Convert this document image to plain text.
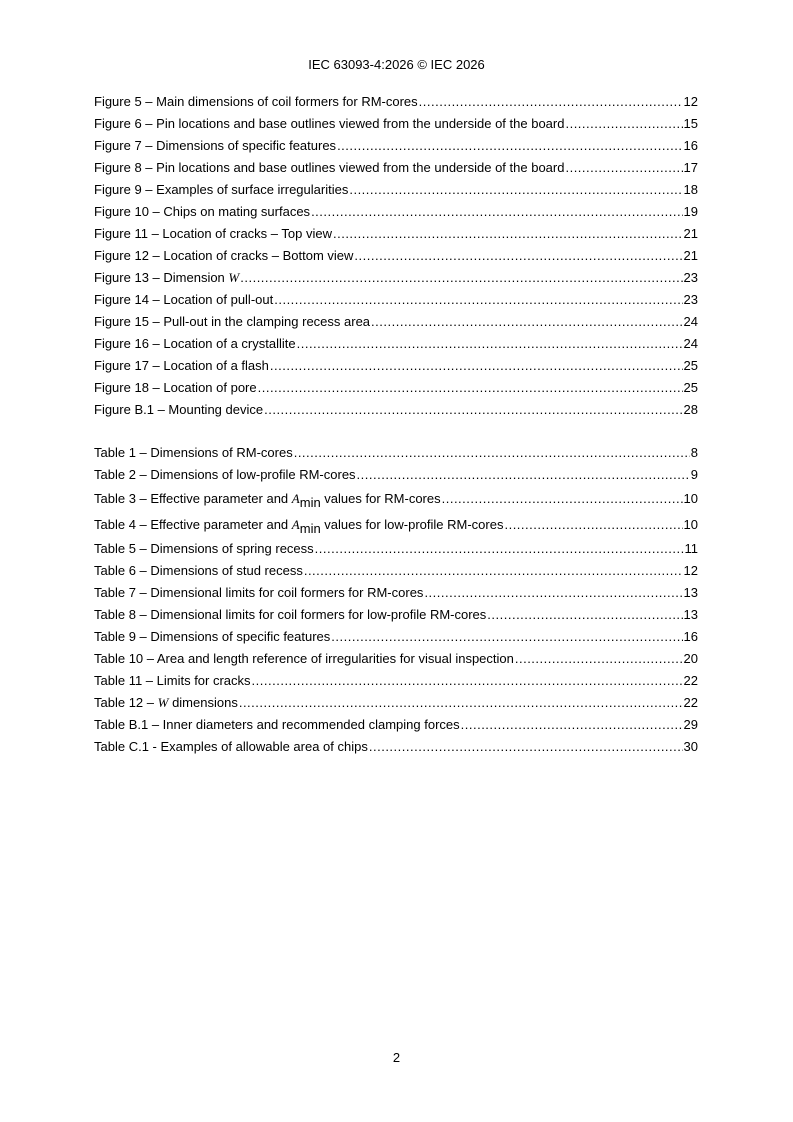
IEC 63093-4:2026 © IEC 2026
Figure 5 – Main dimensions of coil formers for RM-cores .....	12
Figure 6 – Pin locations and base outlines viewed from the underside of the board .....	15
Figure 7 – Dimensions of specific features .....	16
Figure 8 – Pin locations and base outlines viewed from the underside of the board .....	17
Figure 9 – Examples of surface irregularities .....	18
Figure 10 – Chips on mating surfaces .....	19
Figure 11 – Location of cracks – Top view .....	21
Figure 12 – Location of cracks – Bottom view .....	21
Figure 13 – Dimension W .....	23
Figure 14 – Location of pull-out .....	23
Figure 15 – Pull-out in the clamping recess area .....	24
Figure 16 – Location of a crystallite .....	24
Figure 17 – Location of a flash .....	25
Figure 18 – Location of pore .....	25
Figure B.1 – Mounting device .....	28
Table 1 – Dimensions of RM-cores .....	8
Table 2 – Dimensions of low-profile RM-cores .....	9
Table 3 – Effective parameter and Amin values for RM-cores .....	10
Table 4 – Effective parameter and Amin values for low-profile RM-cores .....	10
Table 5 – Dimensions of spring recess .....	11
Table 6 – Dimensions of stud recess .....	12
Table 7 – Dimensional limits for coil formers for RM-cores .....	13
Table 8 – Dimensional limits for coil formers for low-profile RM-cores .....	13
Table 9 – Dimensions of specific features .....	16
Table 10 – Area and length reference of irregularities for visual inspection .....	20
Table 11 – Limits for cracks .....	22
Table 12 – W dimensions .....	22
Table B.1 – Inner diameters and recommended clamping forces .....	29
Table C.1 - Examples of allowable area of chips .....	30
2
